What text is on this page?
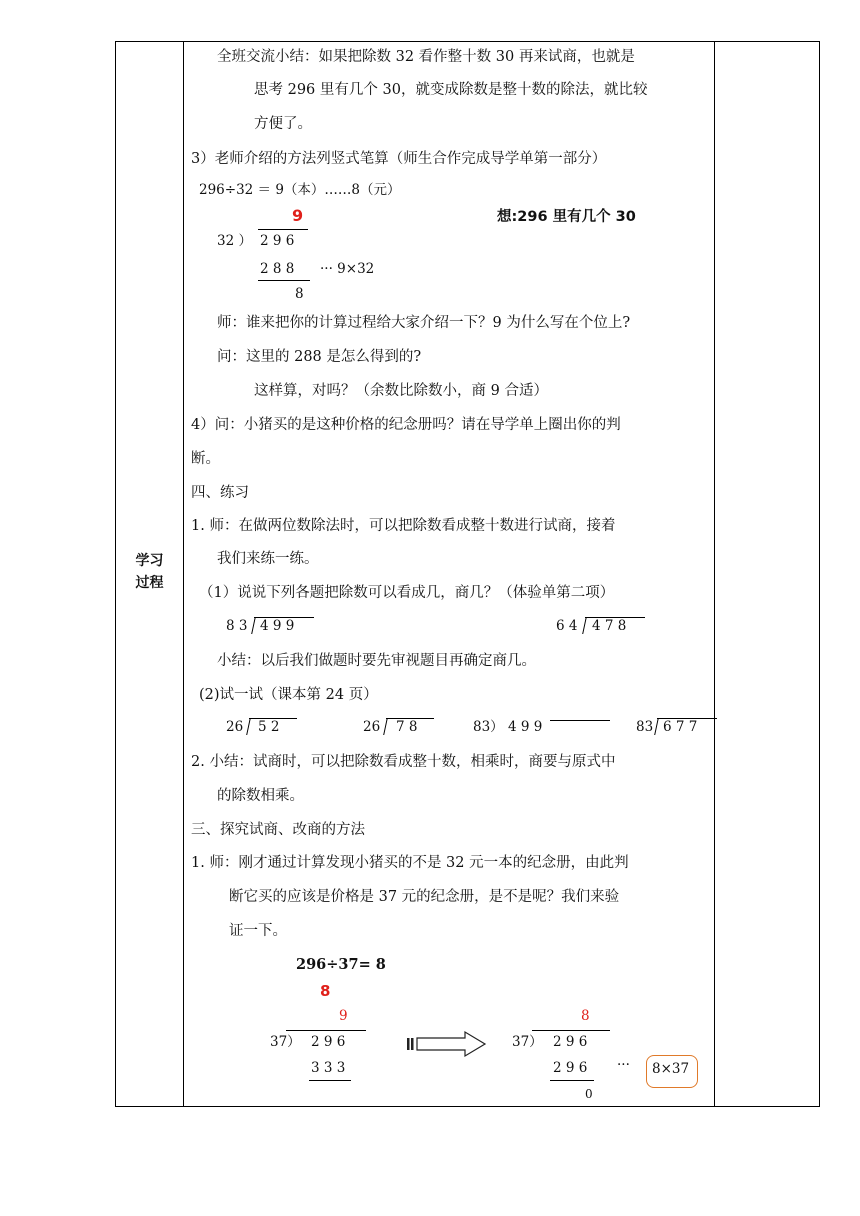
学习
过程
全班交流小结：如果把除数 32 看作整十数 30 再来试商，也就是
思考 296 里有几个 30，就变成除数是整十数的除法，就比较
方便了。
3）老师介绍的方法列竖式笔算（师生合作完成导学单第一部分）
296÷32 ＝ 9（本）……8（元）
9
32 ） 2 9 6
2 8 8 ··· 9×32
8
想:296 里有几个 30
师：谁来把你的计算过程给大家介绍一下？9 为什么写在个位上?
问：这里的 288 是怎么得到的?
这样算，对吗？（余数比除数小，商 9 合适）
4）问：小猪买的是这种价格的纪念册吗？请在导学单上圈出你的判
断。
四、练习
1. 师：在做两位数除法时，可以把除数看成整十数进行试商，接着
我们来练一练。
（1）说说下列各题把除数可以看成几，商几？（体验单第二项）
8 3 4 9 9	6 4 4 7 8
小结：以后我们做题时要先审视题目再确定商几。
(2)试一试（课本第 24 页）
26 5 2	26 7 8	83） 4 9 9	83 6 7 7
2. 小结：试商时，可以把除数看成整十数，相乘时，商要与原式中
的除数相乘。
三、探究试商、改商的方法
1. 师：刚才通过计算发现小猪买的不是 32 元一本的纪念册，由此判
断它买的应该是价格是 37 元的纪念册，是不是呢？我们来验
证一下。
296÷37= 8
8
9
37） 2 9 6
3 3 3
8
37） 2 9 6
2 9 6 ··· 8×37
0
